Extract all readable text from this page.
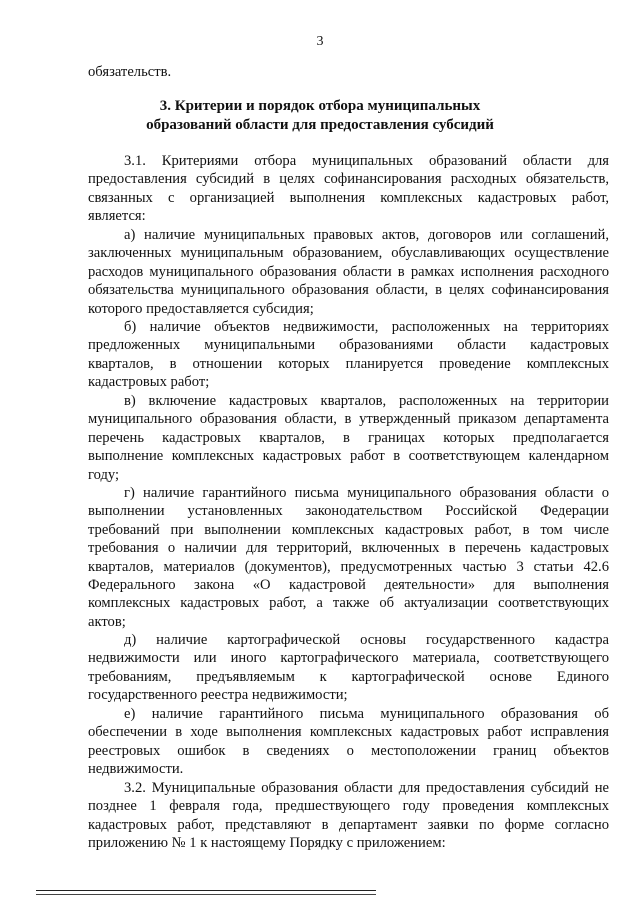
3
обязательств.
3. Критерии и порядок отбора муниципальных
образований области для предоставления субсидий
3.1. Критериями отбора муниципальных образований области для
предоставления субсидий в целях софинансирования расходных обязательств,
связанных с организацией выполнения комплексных кадастровых работ,
является:
а) наличие муниципальных правовых актов, договоров или соглашений,
заключенных муниципальным образованием, обуславливающих осуществление
расходов муниципального образования области в рамках исполнения расходного
обязательства муниципального образования области, в целях софинансирования
которого предоставляется субсидия;
б) наличие объектов недвижимости, расположенных на территориях
предложенных муниципальными образованиями области кадастровых
кварталов, в отношении которых планируется проведение комплексных
кадастровых работ;
в) включение кадастровых кварталов, расположенных на территории
муниципального образования области, в утвержденный приказом департамента
перечень кадастровых кварталов, в границах которых предполагается
выполнение комплексных кадастровых работ в соответствующем календарном
году;
г) наличие гарантийного письма муниципального образования области о
выполнении установленных законодательством Российской Федерации
требований при выполнении комплексных кадастровых работ, в том числе
требования о наличии для территорий, включенных в перечень кадастровых
кварталов, материалов (документов), предусмотренных частью 3 статьи 42.6
Федерального закона «О кадастровой деятельности» для выполнения
комплексных кадастровых работ, а также об актуализации соответствующих
актов;
д) наличие картографической основы государственного кадастра
недвижимости или иного картографического материала, соответствующего
требованиям, предъявляемым к картографической основе Единого
государственного реестра недвижимости;
е) наличие гарантийного письма муниципального образования об
обеспечении в ходе выполнения комплексных кадастровых работ исправления
реестровых ошибок в сведениях о местоположении границ объектов
недвижимости.
3.2. Муниципальные образования области для предоставления субсидий не
позднее 1 февраля года, предшествующего году проведения комплексных
кадастровых работ, представляют в департамент заявки по форме согласно
приложению № 1 к настоящему Порядку с приложением:
